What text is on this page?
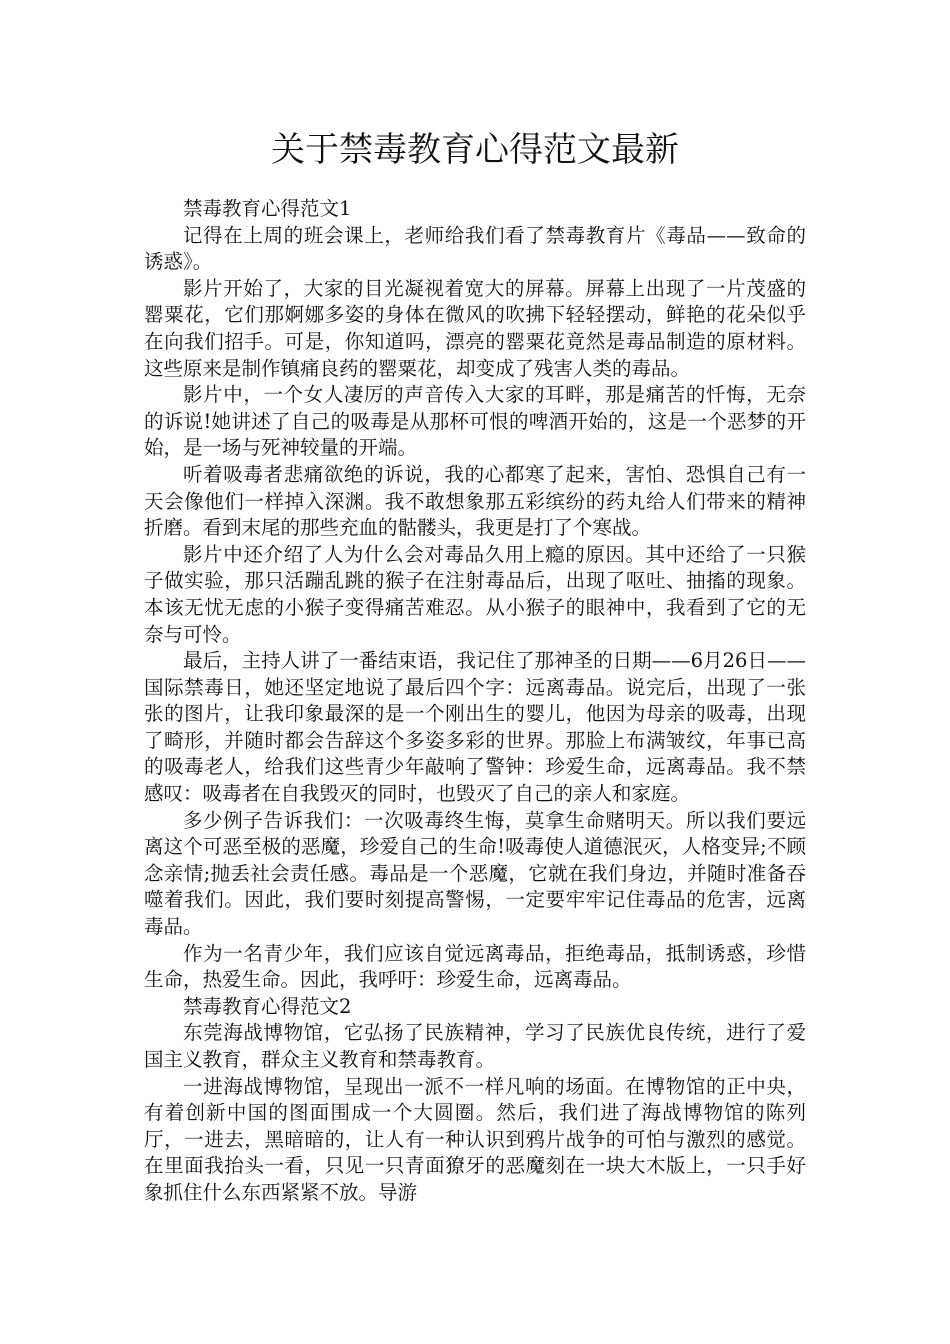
关于禁毒教育心得范文最新

禁毒教育心得范文1

记得在上周的班会课上，老师给我们看了禁毒教育片《毒品——致命的诱惑》。

影片开始了，大家的目光凝视着宽大的屏幕。屏幕上出现了一片茂盛的罂粟花，它们那婀娜多姿的身体在微风的吹拂下轻轻摆动，鲜艳的花朵似乎在向我们招手。可是，你知道吗，漂亮的罂粟花竟然是毒品制造的原材料。这些原来是制作镇痛良药的罂粟花，却变成了残害人类的毒品。

影片中，一个女人凄厉的声音传入大家的耳畔，那是痛苦的忏悔，无奈的诉说!她讲述了自己的吸毒是从那杯可恨的啤酒开始的，这是一个恶梦的开始，是一场与死神较量的开端。

听着吸毒者悲痛欲绝的诉说，我的心都寒了起来，害怕、恐惧自己有一天会像他们一样掉入深渊。我不敢想象那五彩缤纷的药丸给人们带来的精神折磨。看到末尾的那些充血的骷髅头，我更是打了个寒战。

影片中还介绍了人为什么会对毒品久用上瘾的原因。其中还给了一只猴子做实验，那只活蹦乱跳的猴子在注射毒品后，出现了呕吐、抽搐的现象。本该无忧无虑的小猴子变得痛苦难忍。从小猴子的眼神中，我看到了它的无奈与可怜。

最后，主持人讲了一番结束语，我记住了那神圣的日期——6月26日——国际禁毒日，她还坚定地说了最后四个字：远离毒品。说完后，出现了一张张的图片，让我印象最深的是一个刚出生的婴儿，他因为母亲的吸毒，出现了畸形，并随时都会告辞这个多姿多彩的世界。那脸上布满皱纹，年事已高的吸毒老人，给我们这些青少年敲响了警钟：珍爱生命，远离毒品。我不禁感叹：吸毒者在自我毁灭的同时，也毁灭了自己的亲人和家庭。

多少例子告诉我们：一次吸毒终生悔，莫拿生命赌明天。所以我们要远离这个可恶至极的恶魔，珍爱自己的生命!吸毒使人道德泯灭，人格变异;不顾念亲情;抛丢社会责任感。毒品是一个恶魔，它就在我们身边，并随时准备吞噬着我们。因此，我们要时刻提高警惕，一定要牢牢记住毒品的危害，远离毒品。

作为一名青少年，我们应该自觉远离毒品，拒绝毒品，抵制诱惑，珍惜生命，热爱生命。因此，我呼吁：珍爱生命，远离毒品。

禁毒教育心得范文2

东莞海战博物馆，它弘扬了民族精神，学习了民族优良传统，进行了爱国主义教育，群众主义教育和禁毒教育。

一进海战博物馆，呈现出一派不一样凡响的场面。在博物馆的正中央，有着创新中国的图面围成一个大圆圈。然后，我们进了海战博物馆的陈列厅，一进去，黑暗暗的，让人有一种认识到鸦片战争的可怕与激烈的感觉。在里面我抬头一看，只见一只青面獠牙的恶魔刻在一块大木版上，一只手好象抓住什么东西紧紧不放。导游
